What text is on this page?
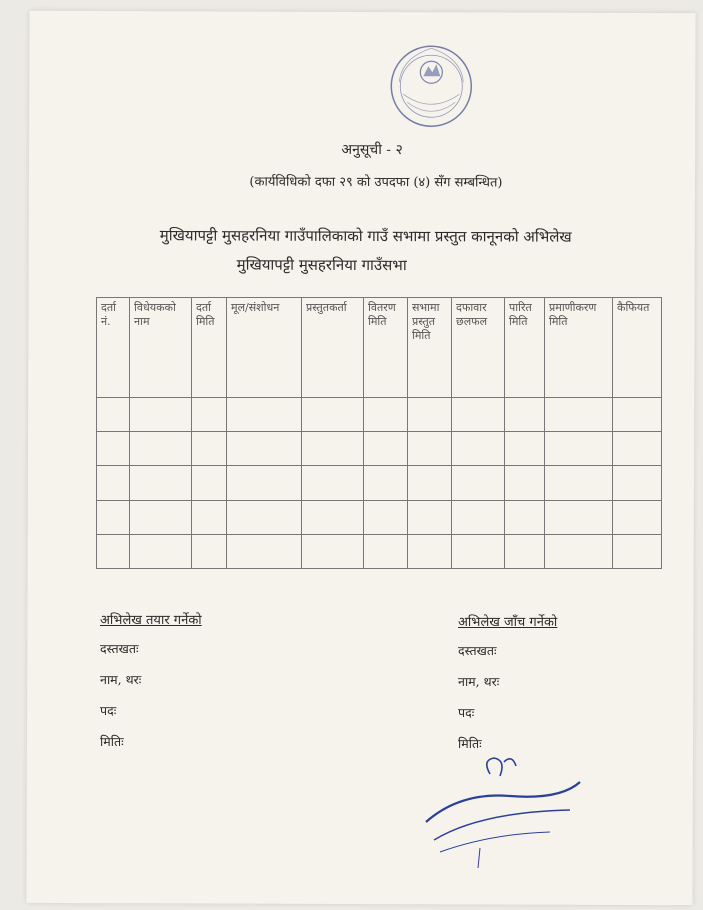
अनुसूची - २
(कार्यविधिको दफा २९ को उपदफा (४) सँग सम्बन्धित)
मुखियापट्टी मुसहरनिया गाउँपालिकाको गाउँ सभामा प्रस्तुत कानूनको अभिलेख
मुखियापट्टी मुसहरनिया गाउँसभा
दर्ता नं.	विधेयकको नाम	दर्ता मिति	मूल/संशोधन	प्रस्तुतकर्ता	वितरण मिति	सभामा प्रस्तुत मिति	दफावार छलफल	पारित मिति	प्रमाणीकरण मिति	कैफियत

अभिलेख तयार गर्नेको
दस्तखतः
नाम, थरः
पदः
मितिः
अभिलेख जाँच गर्नेको
दस्तखतः
नाम, थरः
पदः
मितिः
